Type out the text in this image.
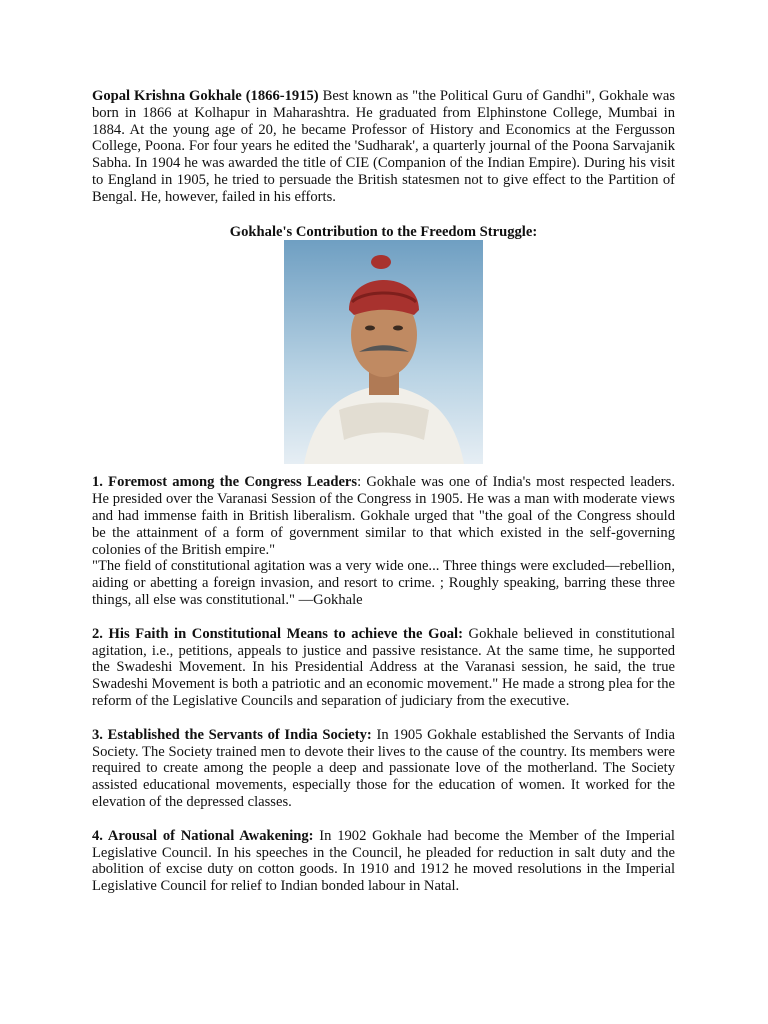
Gopal Krishna Gokhale (1866-1915) Best known as "the Political Guru of Gandhi", Gokhale was born in 1866 at Kolhapur in Maharashtra. He graduated from Elphinstone College, Mumbai in 1884. At the young age of 20, he became Professor of History and Economics at the Fergusson College, Poona. For four years he edited the 'Sudharak', a quarterly journal of the Poona Sarvajanik Sabha. In 1904 he was awarded the title of CIE (Companion of the Indian Empire). During his visit to England in 1905, he tried to persuade the British statesmen not to give effect to the Partition of Bengal. He, however, failed in his efforts.

Gokhale's Contribution to the Freedom Struggle:

1. Foremost among the Congress Leaders: Gokhale was one of India's most respected leaders. He presided over the Varanasi Session of the Congress in 1905. He was a man with moderate views and had immense faith in British liberalism. Gokhale urged that "the goal of the Congress should be the attainment of a form of government similar to that which existed in the self-governing colonies of the British empire."

"The field of constitutional agitation was a very wide one... Three things were excluded—rebellion, aiding or abetting a foreign invasion, and resort to crime. ; Roughly speaking, barring these three things, all else was constitutional." —Gokhale

2. His Faith in Constitutional Means to achieve the Goal: Gokhale believed in constitutional agitation, i.e., petitions, appeals to justice and passive resistance. At the same time, he supported the Swadeshi Movement. In his Presidential Address at the Varanasi session, he said, the true Swadeshi Movement is both a patriotic and an economic movement." He made a strong plea for the reform of the Legislative Councils and separation of judiciary from the executive.

3. Established the Servants of India Society: In 1905 Gokhale established the Servants of India Society. The Society trained men to devote their lives to the cause of the country. Its members were required to create among the people a deep and passionate love of the motherland. The Society assisted educational movements, especially those for the education of women. It worked for the elevation of the depressed classes.

4. Arousal of National Awakening: In 1902 Gokhale had become the Member of the Imperial Legislative Council. In his speeches in the Council, he pleaded for reduction in salt duty and the abolition of excise duty on cotton goods. In 1910 and 1912 he moved resolutions in the Imperial Legislative Council for relief to Indian bonded labour in Natal.
